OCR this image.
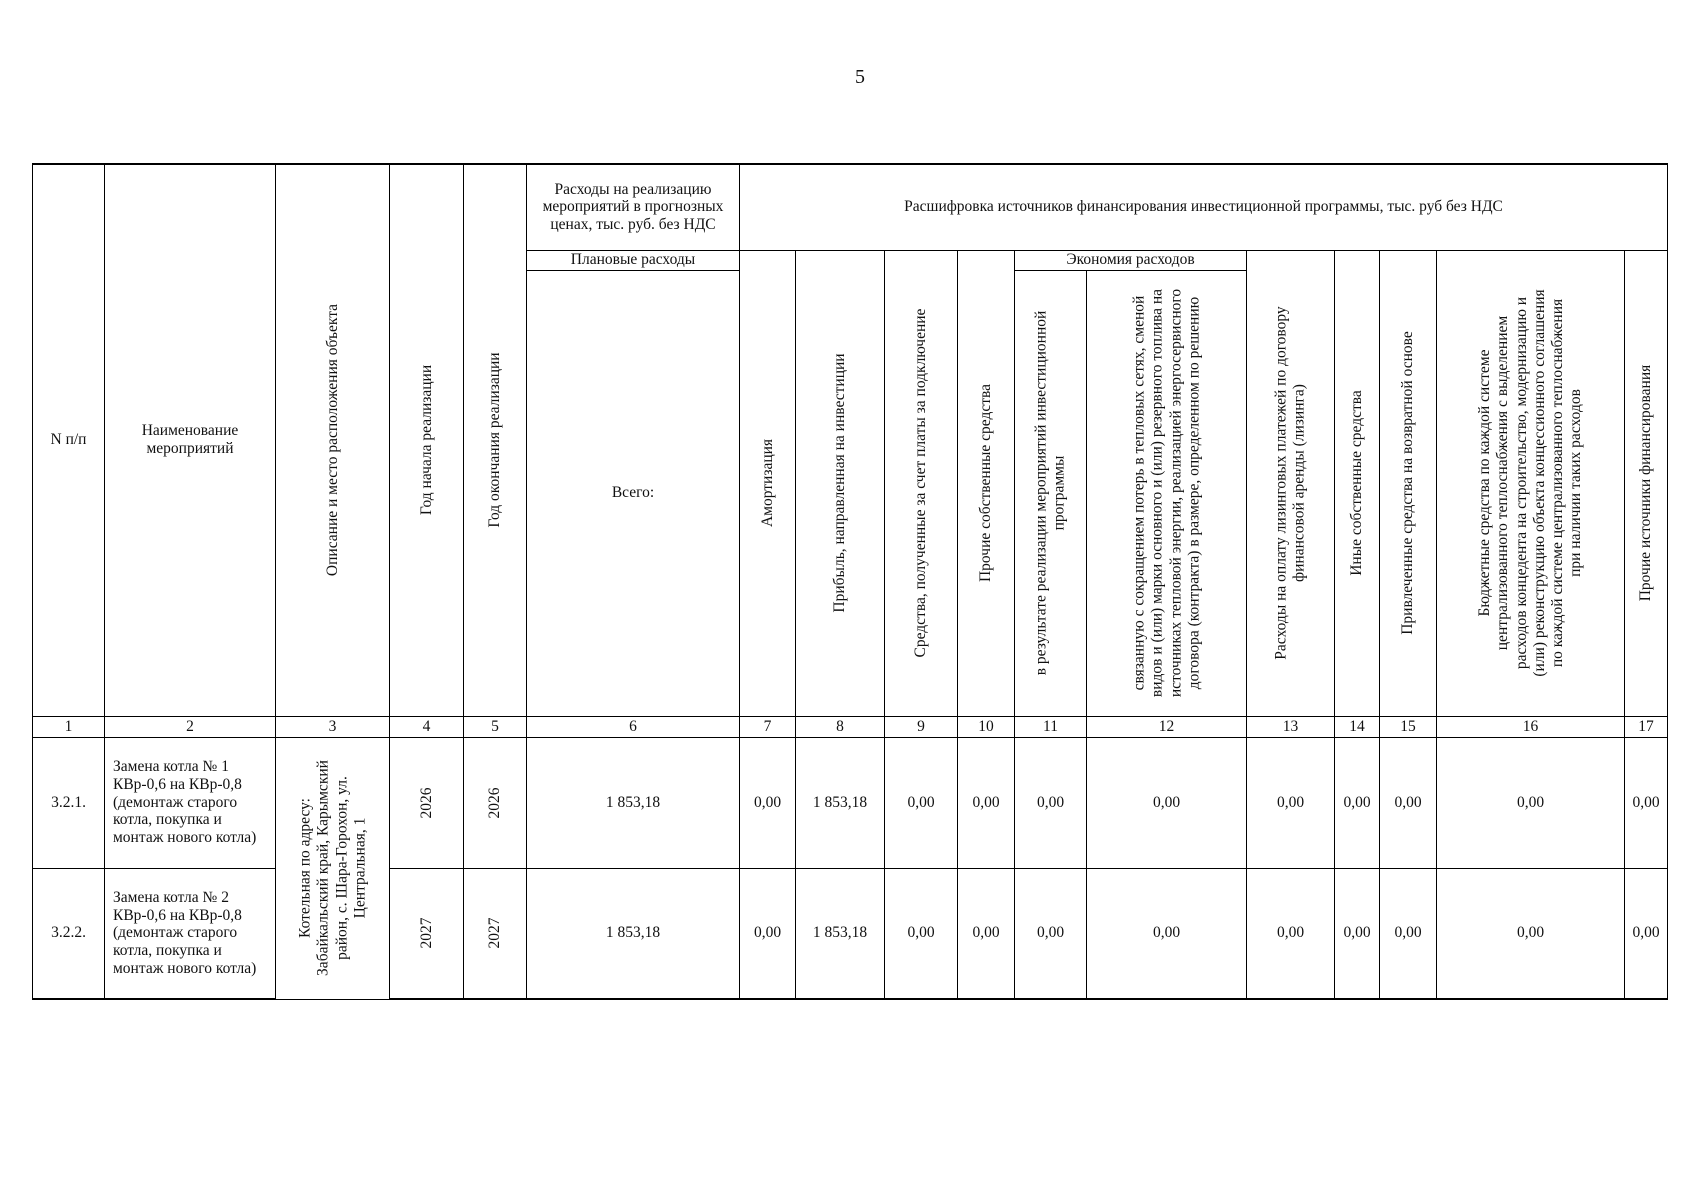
5
N п/п	Наименование мероприятий	Описание и место расположения объекта	Год начала реализации	Год окончания реализации	Расходы на реализацию мероприятий в прогнозных ценах, тыс. руб. без НДС	Расшифровка источников финансирования инвестиционной программы, тыс. руб без НДС										
					Плановые расходы	Амортизация	Прибыль, направленная на инвестиции	Средства, полученные за счет платы за подключение	Прочие собственные средства	Экономия расходов		Расходы на оплату лизинговых платежей по договору финансовой аренды (лизинга)	Иные собственные средства	Привлеченные средства на возвратной основе	Бюджетные средства по каждой системе централизованного теплоснабжения с выделением расходов концедента на строительство, модернизацию и (или) реконструкцию объекта концессионного соглашения по каждой системе централизованного теплоснабжения при наличии таких расходов	Прочие источники финансирования

					Всего:					в результате реализации мероприятий инвестиционной программы	связанную с сокращением потерь в тепловых сетях, сменой видов и (или) марки основного и (или) резервного топлива на источниках тепловой энергии, реализацией энергосервисного договора (контракта) в размере, определенном по решению					

1	2	3	4	5	6	7	8	9	10	11	12	13	14	15	16	17
3.2.1.	Замена котла № 1 КВр-0,6 на КВр-0,8 (демонтаж старого котла, покупка и монтаж нового котла)	Котельная по адресу: Забайкальский край, Карымский район, с. Шара-Горохон, ул. Центральная, 1	2026	2026	1 853,18	0,00	1 853,18	0,00	0,00	0,00	0,00	0,00	0,00	0,00	0,00	0,00
3.2.2.	Замена котла № 2 КВр-0,6 на КВр-0,8 (демонтаж старого котла, покупка и монтаж нового котла)		2027	2027	1 853,18	0,00	1 853,18	0,00	0,00	0,00	0,00	0,00	0,00	0,00	0,00	0,00
